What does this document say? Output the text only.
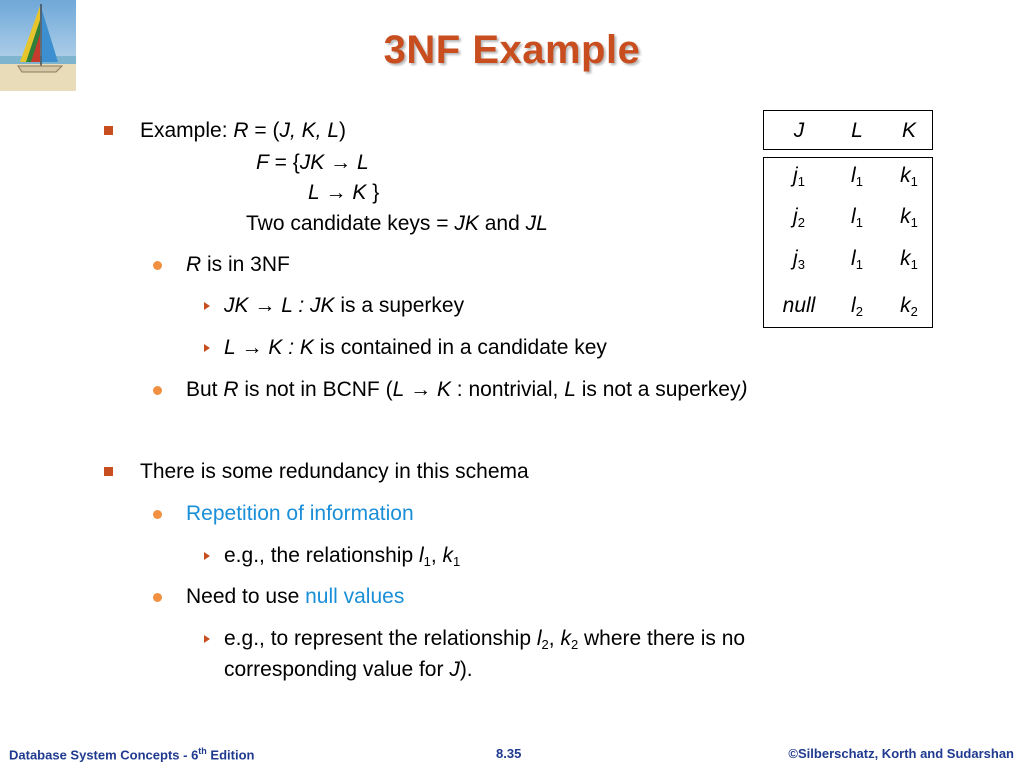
3NF Example
Example: R = (J, K, L)
F = {JK → L
L → K }
Two candidate keys = JK and JL
R is in 3NF
JK → L : JK is a superkey
L → K : K is contained in a candidate key
But R is not in BCNF (L → K : nontrivial, L is not a superkey)
There is some redundancy in this schema
Repetition of information
e.g., the relationship $l_1$, $k_1$
Need to use null values
e.g., to represent the relationship $l_2$, $k_2$ where there is no
corresponding value for J).
J	L	K
$j_1$	$l_1$	$k_1$
$j_2$	$l_1$	$k_1$
$j_3$	$l_1$	$k_1$
null	$l_2$	$k_2$
Database System Concepts - 6th Edition	8.35	©Silberschatz, Korth and Sudarshan
